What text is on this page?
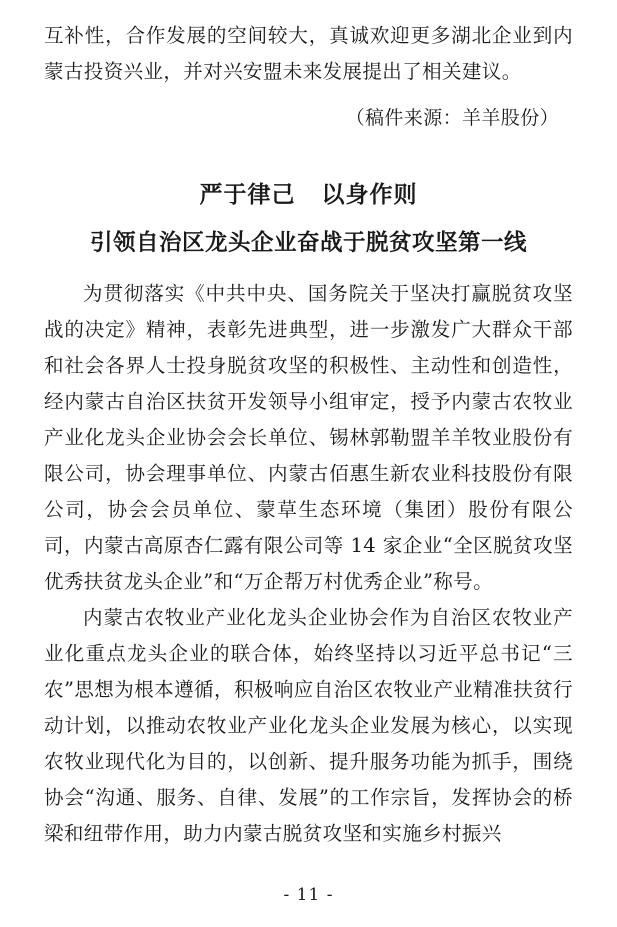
互补性，合作发展的空间较大，真诚欢迎更多湖北企业到内蒙古投资兴业，并对兴安盟未来发展提出了相关建议。

（稿件来源：羊羊股份）

严于律己 以身作则
引领自治区龙头企业奋战于脱贫攻坚第一线

为贯彻落实《中共中央、国务院关于坚决打赢脱贫攻坚战的决定》精神，表彰先进典型，进一步激发广大群众干部和社会各界人士投身脱贫攻坚的积极性、主动性和创造性，经内蒙古自治区扶贫开发领导小组审定，授予内蒙古农牧业产业化龙头企业协会会长单位、锡林郭勒盟羊羊牧业股份有限公司，协会理事单位、内蒙古佰惠生新农业科技股份有限公司，协会会员单位、蒙草生态环境（集团）股份有限公司，内蒙古高原杏仁露有限公司等 14 家企业“全区脱贫攻坚优秀扶贫龙头企业”和“万企帮万村优秀企业”称号。

内蒙古农牧业产业化龙头企业协会作为自治区农牧业产业化重点龙头企业的联合体，始终坚持以习近平总书记“三农”思想为根本遵循，积极响应自治区农牧业产业精准扶贫行动计划，以推动农牧业产业化龙头企业发展为核心，以实现农牧业现代化为目的，以创新、提升服务功能为抓手，围绕协会“沟通、服务、自律、发展”的工作宗旨，发挥协会的桥梁和纽带作用，助力内蒙古脱贫攻坚和实施乡村振兴

- 11 -
